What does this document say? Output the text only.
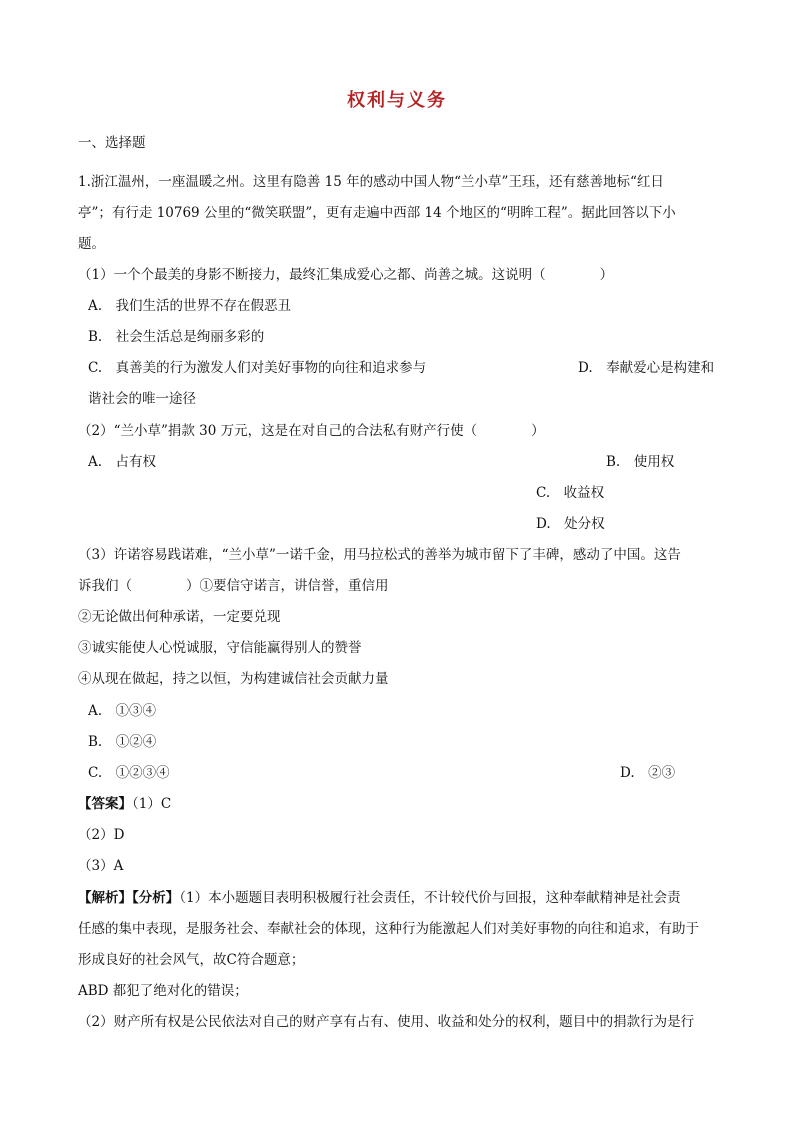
权利与义务
一、选择题
1.浙江温州，一座温暖之州。这里有隐善 15 年的感动中国人物“兰小草”王珏，还有慈善地标“红日
亭”；有行走 10769 公里的“微笑联盟”，更有走遍中西部 14 个地区的“明眸工程”。据此回答以下小
题。
（1）一个个最美的身影不断接力，最终汇集成爱心之都、尚善之城。这说明（　　　　）
A.　我们生活的世界不存在假恶丑
B.　社会生活总是绚丽多彩的
C.　真善美的行为激发人们对美好事物的向往和追求参与	D.　奉献爱心是构建和
谐社会的唯一途径
（2）“兰小草”捐款 30 万元，这是在对自己的合法私有财产行使（　　　　）
A.　占有权	B.　使用权
C.　收益权
D.　处分权
（3）许诺容易践诺难，“兰小草”一诺千金，用马拉松式的善举为城市留下了丰碑，感动了中国。这告
诉我们（　　　　）①要信守诺言，讲信誉，重信用
②无论做出何种承诺，一定要兑现
③诚实能使人心悦诚服，守信能赢得别人的赞誉
④从现在做起，持之以恒，为构建诚信社会贡献力量
A.　①③④
B.　①②④
C.　①②③④	D.　②③
【答案】（1）C
（2）D
（3）A
【解析】【分析】（1）本小题题目表明积极履行社会责任，不计较代价与回报，这种奉献精神是社会责
任感的集中表现，是服务社会、奉献社会的体现，这种行为能激起人们对美好事物的向往和追求，有助于
形成良好的社会风气，故C符合题意；
ABD 都犯了绝对化的错误；
（2）财产所有权是公民依法对自己的财产享有占有、使用、收益和处分的权利，题目中的捐款行为是行
